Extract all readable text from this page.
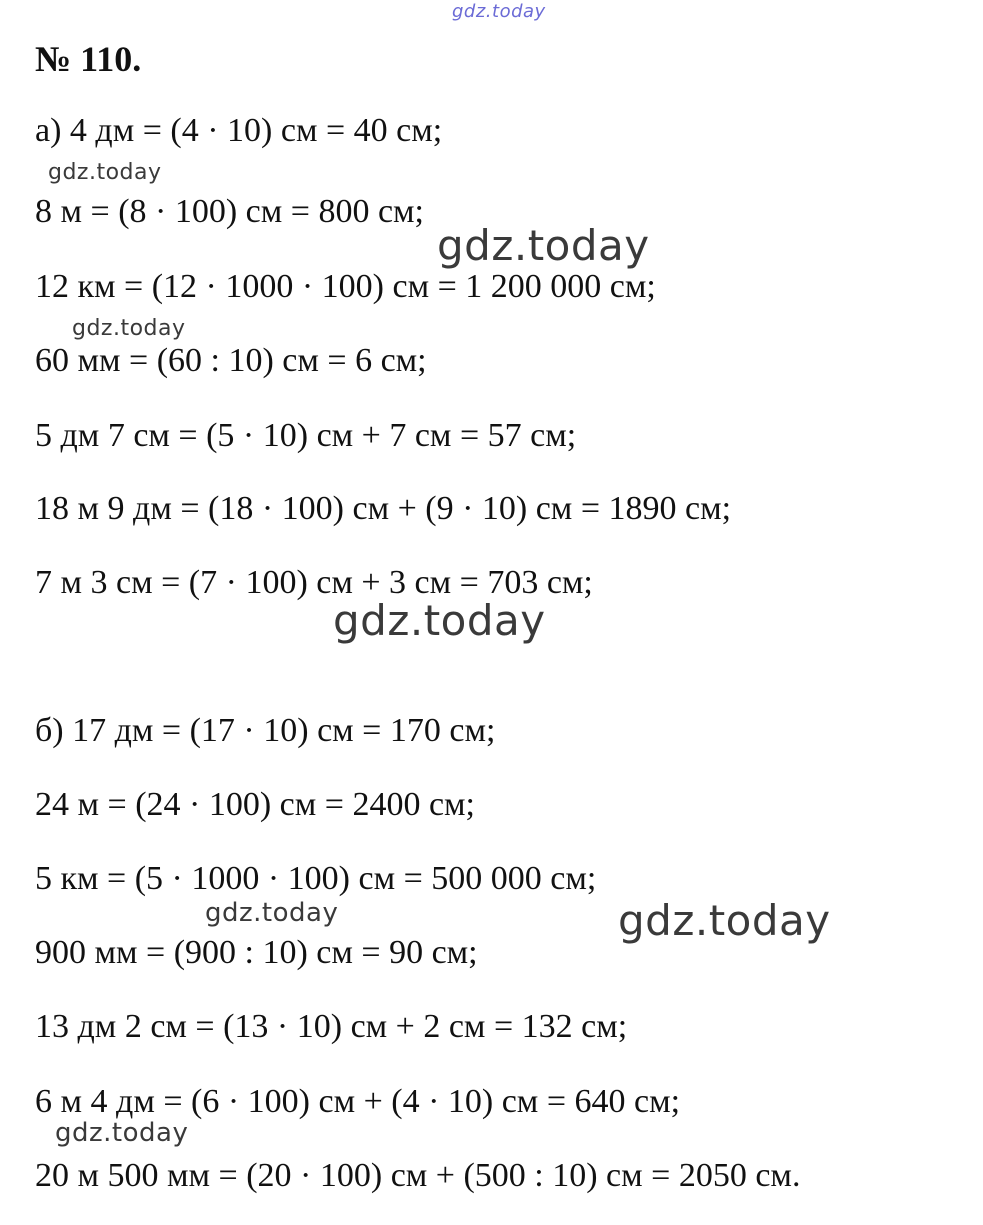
gdz.today
№ 110.
а) 4 дм = (4 · 10) см = 40 см;
8 м = (8 · 100) см = 800 см;
12 км = (12 · 1000 · 100) см = 1 200 000 см;
60 мм = (60 : 10) см = 6 см;
5 дм 7 см = (5 · 10) см + 7 см = 57 см;
18 м 9 дм = (18 · 100) см + (9 · 10) см = 1890 см;
7 м 3 см = (7 · 100) см + 3 см = 703 см;
б) 17 дм = (17 · 10) см = 170 см;
24 м = (24 · 100) см = 2400 см;
5 км = (5 · 1000 · 100) см = 500 000 см;
900 мм = (900 : 10) см = 90 см;
13 дм 2 см = (13 · 10) см + 2 см = 132 см;
6 м 4 дм = (6 · 100) см + (4 · 10) см = 640 см;
20 м 500 мм = (20 · 100) см + (500 : 10) см = 2050 см.
gdz.today
gdz.today
gdz.today
gdz.today
gdz.today	gdz.today
gdz.today
